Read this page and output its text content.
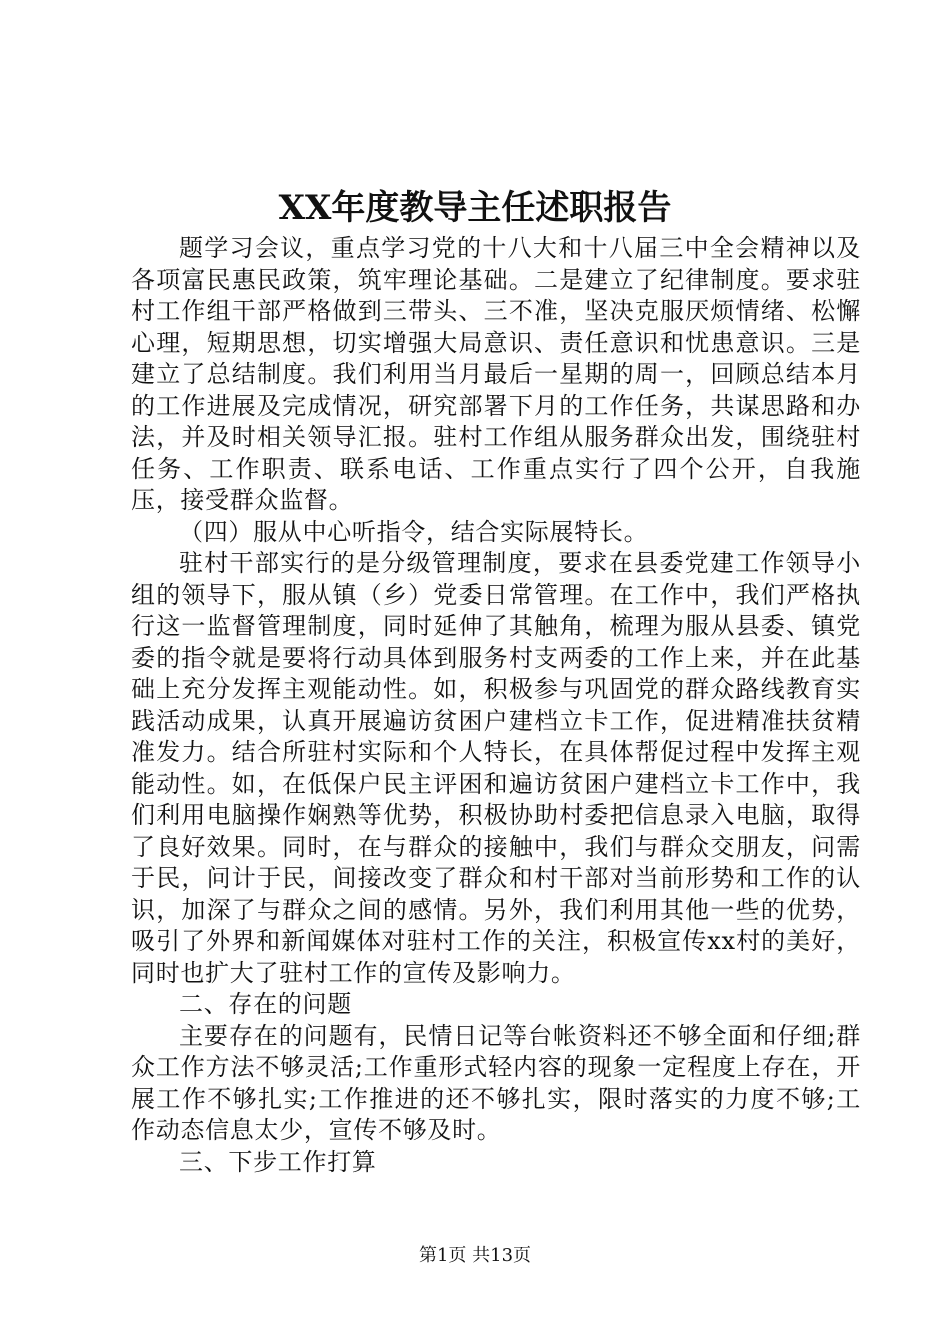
XX年度教导主任述职报告

题学习会议，重点学习党的十八大和十八届三中全会精神以及各项富民惠民政策，筑牢理论基础。二是建立了纪律制度。要求驻村工作组干部严格做到三带头、三不准，坚决克服厌烦情绪、松懈心理，短期思想，切实增强大局意识、责任意识和忧患意识。三是建立了总结制度。我们利用当月最后一星期的周一，回顾总结本月的工作进展及完成情况，研究部署下月的工作任务，共谋思路和办法，并及时相关领导汇报。驻村工作组从服务群众出发，围绕驻村任务、工作职责、联系电话、工作重点实行了四个公开，自我施压，接受群众监督。

（四）服从中心听指令，结合实际展特长。

驻村干部实行的是分级管理制度，要求在县委党建工作领导小组的领导下，服从镇（乡）党委日常管理。在工作中，我们严格执行这一监督管理制度，同时延伸了其触角，梳理为服从县委、镇党委的指令就是要将行动具体到服务村支两委的工作上来，并在此基础上充分发挥主观能动性。如，积极参与巩固党的群众路线教育实践活动成果，认真开展遍访贫困户建档立卡工作，促进精准扶贫精准发力。结合所驻村实际和个人特长，在具体帮促过程中发挥主观能动性。如，在低保户民主评困和遍访贫困户建档立卡工作中，我们利用电脑操作娴熟等优势，积极协助村委把信息录入电脑，取得了良好效果。同时，在与群众的接触中，我们与群众交朋友，问需于民，问计于民，间接改变了群众和村干部对当前形势和工作的认识，加深了与群众之间的感情。另外，我们利用其他一些的优势，吸引了外界和新闻媒体对驻村工作的关注，积极宣传xx村的美好，同时也扩大了驻村工作的宣传及影响力。

二、存在的问题

主要存在的问题有，民情日记等台帐资料还不够全面和仔细;群众工作方法不够灵活;工作重形式轻内容的现象一定程度上存在，开展工作不够扎实;工作推进的还不够扎实，限时落实的力度不够;工作动态信息太少，宣传不够及时。

三、下步工作打算

第1页 共13页
